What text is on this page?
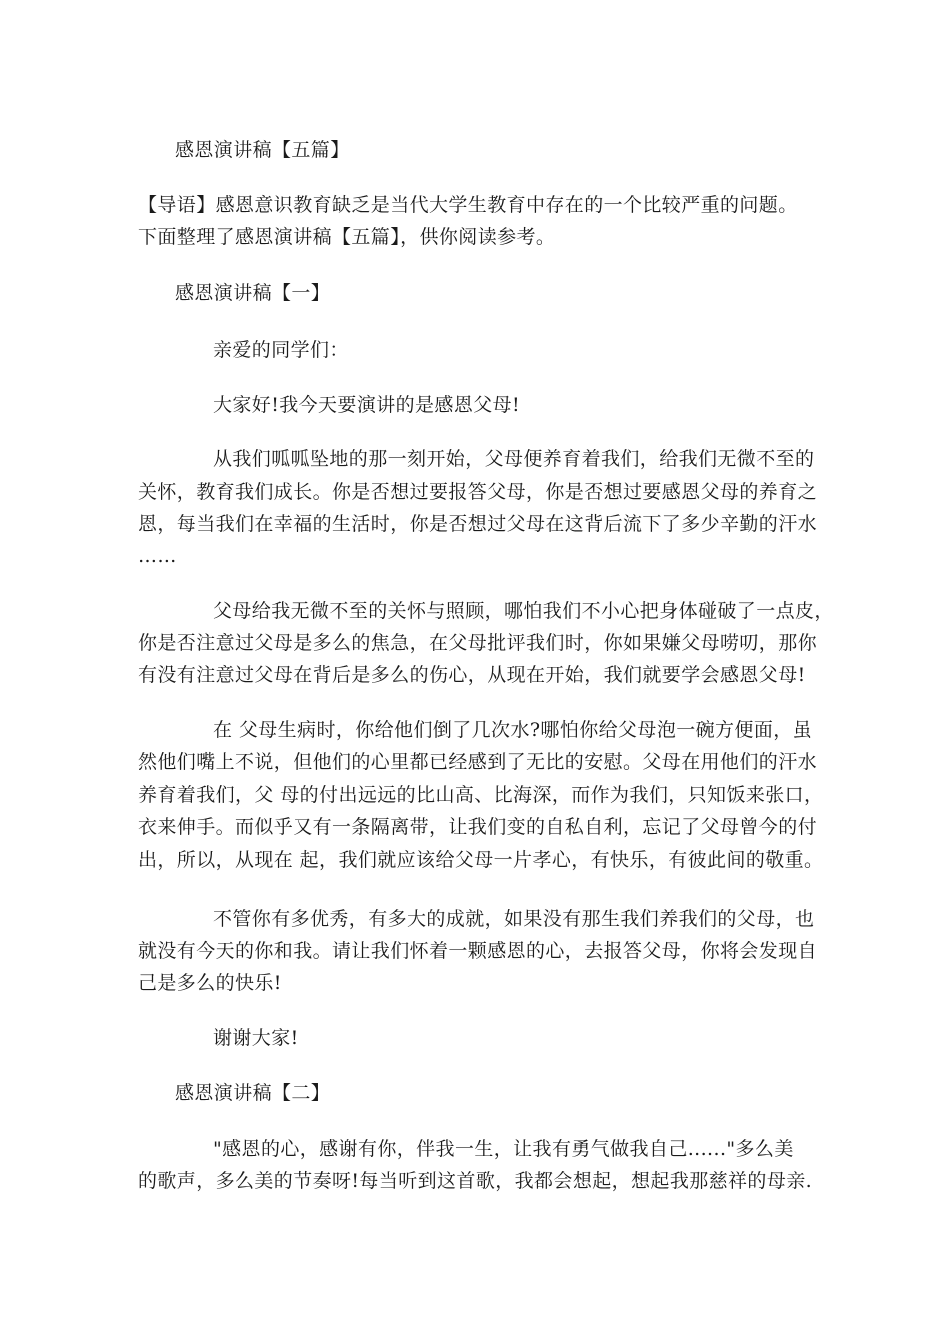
感恩演讲稿【五篇】
【导语】感恩意识教育缺乏是当代大学生教育中存在的一个比较严重的问题。
下面整理了感恩演讲稿【五篇】，供你阅读参考。
感恩演讲稿【一】
亲爱的同学们：
大家好!我今天要演讲的是感恩父母!
从我们呱呱坠地的那一刻开始，父母便养育着我们，给我们无微不至的
关怀，教育我们成长。你是否想过要报答父母，你是否想过要感恩父母的养育之
恩，每当我们在幸福的生活时，你是否想过父母在这背后流下了多少辛勤的汗水
……
父母给我无微不至的关怀与照顾，哪怕我们不小心把身体碰破了一点皮，
你是否注意过父母是多么的焦急，在父母批评我们时，你如果嫌父母唠叨，那你
有没有注意过父母在背后是多么的伤心，从现在开始，我们就要学会感恩父母!
在 父母生病时，你给他们倒了几次水?哪怕你给父母泡一碗方便面，虽
然他们嘴上不说，但他们的心里都已经感到了无比的安慰。父母在用他们的汗水
养育着我们，父 母的付出远远的比山高、比海深，而作为我们，只知饭来张口，
衣来伸手。而似乎又有一条隔离带，让我们变的自私自利，忘记了父母曾今的付
出，所以，从现在 起，我们就应该给父母一片孝心，有快乐，有彼此间的敬重。
不管你有多优秀，有多大的成就，如果没有那生我们养我们的父母，也
就没有今天的你和我。请让我们怀着一颗感恩的心，去报答父母，你将会发现自
己是多么的快乐!
谢谢大家!
感恩演讲稿【二】
"感恩的心，感谢有你，伴我一生，让我有勇气做我自己......"多么美
的歌声，多么美的节奏呀!每当听到这首歌，我都会想起，想起我那慈祥的母亲.
